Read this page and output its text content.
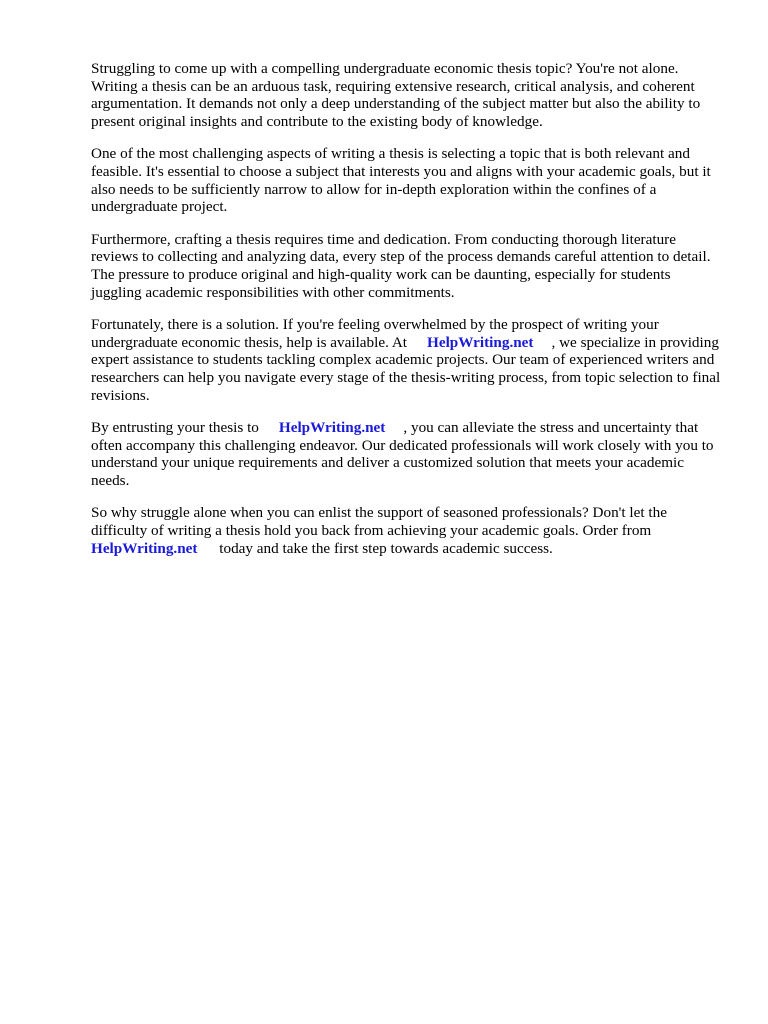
Struggling to come up with a compelling undergraduate economic thesis topic? You're not alone. Writing a thesis can be an arduous task, requiring extensive research, critical analysis, and coherent argumentation. It demands not only a deep understanding of the subject matter but also the ability to present original insights and contribute to the existing body of knowledge.

One of the most challenging aspects of writing a thesis is selecting a topic that is both relevant and feasible. It's essential to choose a subject that interests you and aligns with your academic goals, but it also needs to be sufficiently narrow to allow for in-depth exploration within the confines of a undergraduate project.

Furthermore, crafting a thesis requires time and dedication. From conducting thorough literature reviews to collecting and analyzing data, every step of the process demands careful attention to detail. The pressure to produce original and high-quality work can be daunting, especially for students juggling academic responsibilities with other commitments.

Fortunately, there is a solution. If you're feeling overwhelmed by the prospect of writing your undergraduate economic thesis, help is available. At HelpWriting.net , we specialize in providing expert assistance to students tackling complex academic projects. Our team of experienced writers and researchers can help you navigate every stage of the thesis-writing process, from topic selection to final revisions.

By entrusting your thesis to HelpWriting.net , you can alleviate the stress and uncertainty that often accompany this challenging endeavor. Our dedicated professionals will work closely with you to understand your unique requirements and deliver a customized solution that meets your academic needs.

So why struggle alone when you can enlist the support of seasoned professionals? Don't let the difficulty of writing a thesis hold you back from achieving your academic goals. Order from HelpWriting.net today and take the first step towards academic success.
